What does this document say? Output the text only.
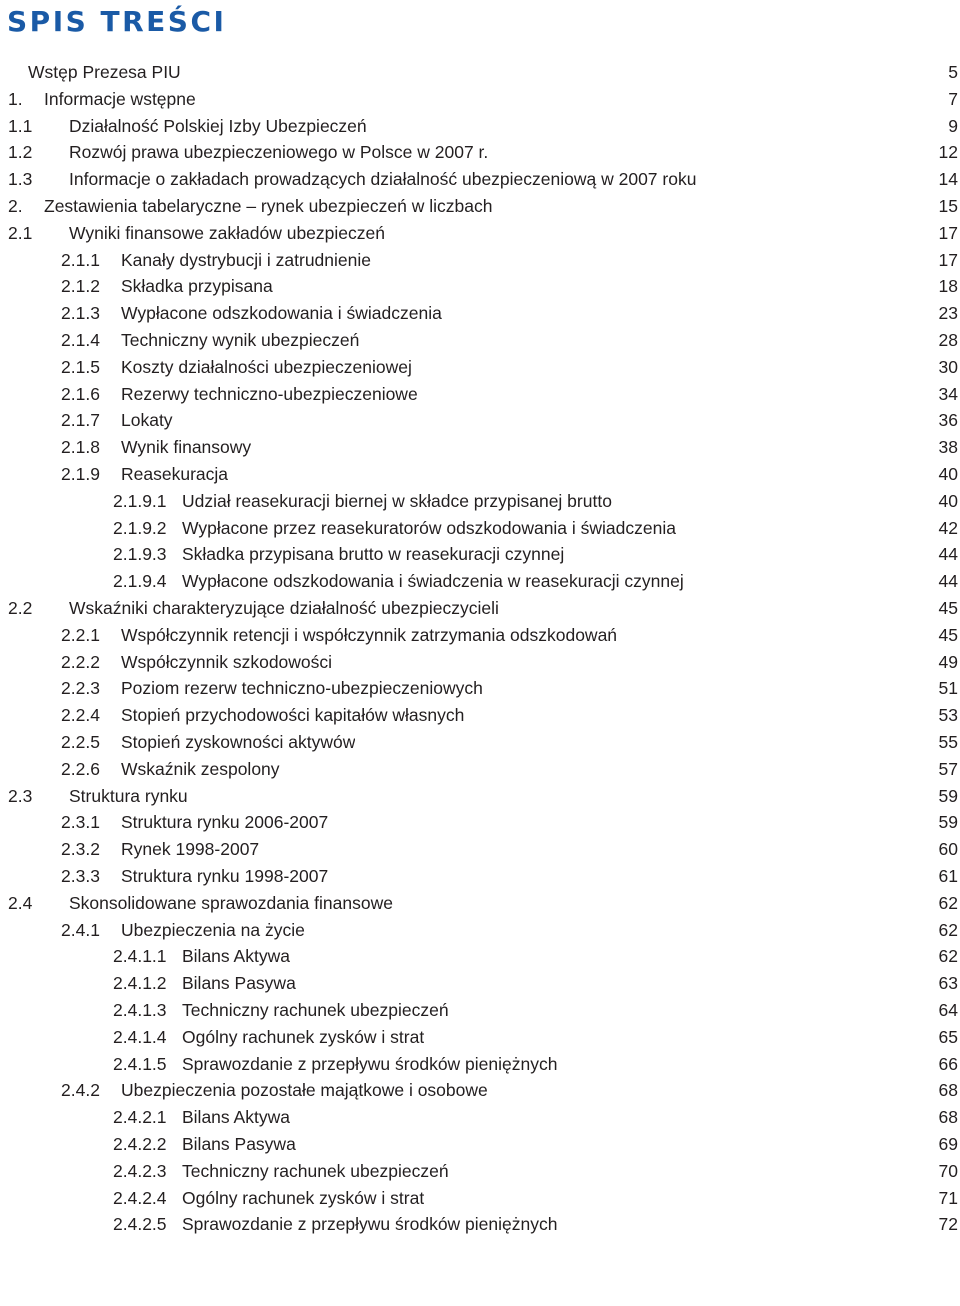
SPIS TREŚCI
Wstęp Prezesa PIU	5
1.	Informacje wstępne	7
1.1	Działalność Polskiej Izby Ubezpieczeń	9
1.2	Rozwój prawa ubezpieczeniowego w Polsce w 2007 r.	12
1.3	Informacje o zakładach prowadzących działalność ubezpieczeniową w 2007 roku	14
2.	Zestawienia tabelaryczne – rynek ubezpieczeń w liczbach	15
2.1	Wyniki finansowe zakładów ubezpieczeń	17
2.1.1	Kanały dystrybucji i zatrudnienie	17
2.1.2	Składka przypisana	18
2.1.3	Wypłacone odszkodowania i świadczenia	23
2.1.4	Techniczny wynik ubezpieczeń	28
2.1.5	Koszty działalności ubezpieczeniowej	30
2.1.6	Rezerwy techniczno-ubezpieczeniowe	34
2.1.7	Lokaty	36
2.1.8	Wynik finansowy	38
2.1.9	Reasekuracja	40
2.1.9.1 Udział reasekuracji biernej w składce przypisanej brutto	40
2.1.9.2 Wypłacone przez reasekuratorów odszkodowania i świadczenia	42
2.1.9.3 Składka przypisana brutto w reasekuracji czynnej	44
2.1.9.4 Wypłacone odszkodowania i świadczenia w reasekuracji czynnej	44
2.2	Wskaźniki charakteryzujące działalność ubezpieczycieli	45
2.2.1	Współczynnik retencji i współczynnik zatrzymania odszkodowań	45
2.2.2	Współczynnik szkodowości	49
2.2.3	Poziom rezerw techniczno-ubezpieczeniowych	51
2.2.4	Stopień przychodowości kapitałów własnych	53
2.2.5	Stopień zyskowności aktywów	55
2.2.6	Wskaźnik zespolony	57
2.3	Struktura rynku	59
2.3.1	Struktura rynku 2006-2007	59
2.3.2	Rynek 1998-2007	60
2.3.3	Struktura rynku 1998-2007	61
2.4	Skonsolidowane sprawozdania finansowe	62
2.4.1	Ubezpieczenia na życie	62
2.4.1.1 Bilans Aktywa	62
2.4.1.2 Bilans Pasywa	63
2.4.1.3 Techniczny rachunek ubezpieczeń	64
2.4.1.4 Ogólny rachunek zysków i strat	65
2.4.1.5 Sprawozdanie z przepływu środków pieniężnych	66
2.4.2	Ubezpieczenia pozostałe majątkowe i osobowe	68
2.4.2.1 Bilans Aktywa	68
2.4.2.2 Bilans Pasywa	69
2.4.2.3 Techniczny rachunek ubezpieczeń	70
2.4.2.4 Ogólny rachunek zysków i strat	71
2.4.2.5 Sprawozdanie z przepływu środków pieniężnych	72
